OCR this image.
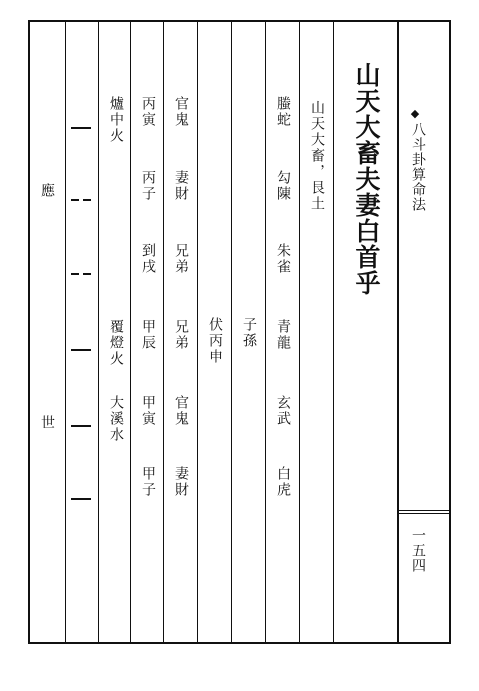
◆
八斗卦算命法
一五四
山天大畜夫妻白首乎
山天大畜，艮土
螣蛇
勾陳
朱雀
青龍
玄武
白虎
子孫
伏丙申
官鬼
妻財
兄弟
兄弟
官鬼
妻財
丙寅
丙子
到戌
甲辰
甲寅
甲子
爐中火
覆燈火
大溪水
應
世
